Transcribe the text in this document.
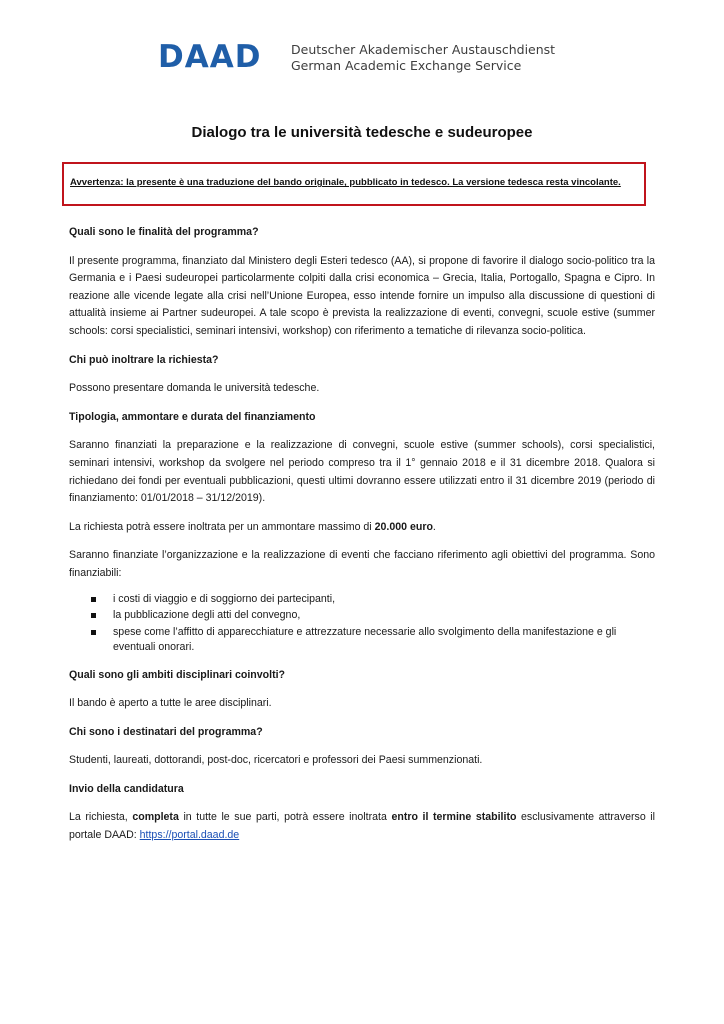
DAAD Deutscher Akademischer Austauschdienst
German Academic Exchange Service
Dialogo tra le università tedesche e sudeuropee
Avvertenza: la presente è una traduzione del bando originale, pubblicato in tedesco. La versione tedesca resta vincolante.
Quali sono le finalità del programma?
Il presente programma, finanziato dal Ministero degli Esteri tedesco (AA), si propone di favorire il dialogo socio-politico tra la Germania e i Paesi sudeuropei particolarmente colpiti dalla crisi economica – Grecia, Italia, Portogallo, Spagna e Cipro. In reazione alle vicende legate alla crisi nell’Unione Europea, esso intende fornire un impulso alla discussione di questioni di attualità insieme ai Partner sudeuropei. A tale scopo è prevista la realizzazione di eventi, convegni, scuole estive (summer schools: corsi specialistici, seminari intensivi, workshop) con riferimento a tematiche di rilevanza socio-politica.
Chi può inoltrare la richiesta?
Possono presentare domanda le università tedesche.
Tipologia, ammontare e durata del finanziamento
Saranno finanziati la preparazione e la realizzazione di convegni, scuole estive (summer schools), corsi specialistici, seminari intensivi, workshop da svolgere nel periodo compreso tra il 1° gennaio 2018 e il 31 dicembre 2018. Qualora si richiedano dei fondi per eventuali pubblicazioni, questi ultimi dovranno essere utilizzati entro il 31 dicembre 2019 (periodo di finanziamento: 01/01/2018 – 31/12/2019).
La richiesta potrà essere inoltrata per un ammontare massimo di 20.000 euro.
Saranno finanziate l’organizzazione e la realizzazione di eventi che facciano riferimento agli obiettivi del programma. Sono finanziabili:
i costi di viaggio e di soggiorno dei partecipanti,
la pubblicazione degli atti del convegno,
spese come l’affitto di apparecchiature e attrezzature necessarie allo svolgimento della manifestazione e gli eventuali onorari.
Quali sono gli ambiti disciplinari coinvolti?
Il bando è aperto a tutte le aree disciplinari.
Chi sono i destinatari del programma?
Studenti, laureati, dottorandi, post-doc, ricercatori e professori dei Paesi summenzionati.
Invio della candidatura
La richiesta, completa in tutte le sue parti, potrà essere inoltrata entro il termine stabilito esclusivamente attraverso il portale DAAD: https://portal.daad.de
